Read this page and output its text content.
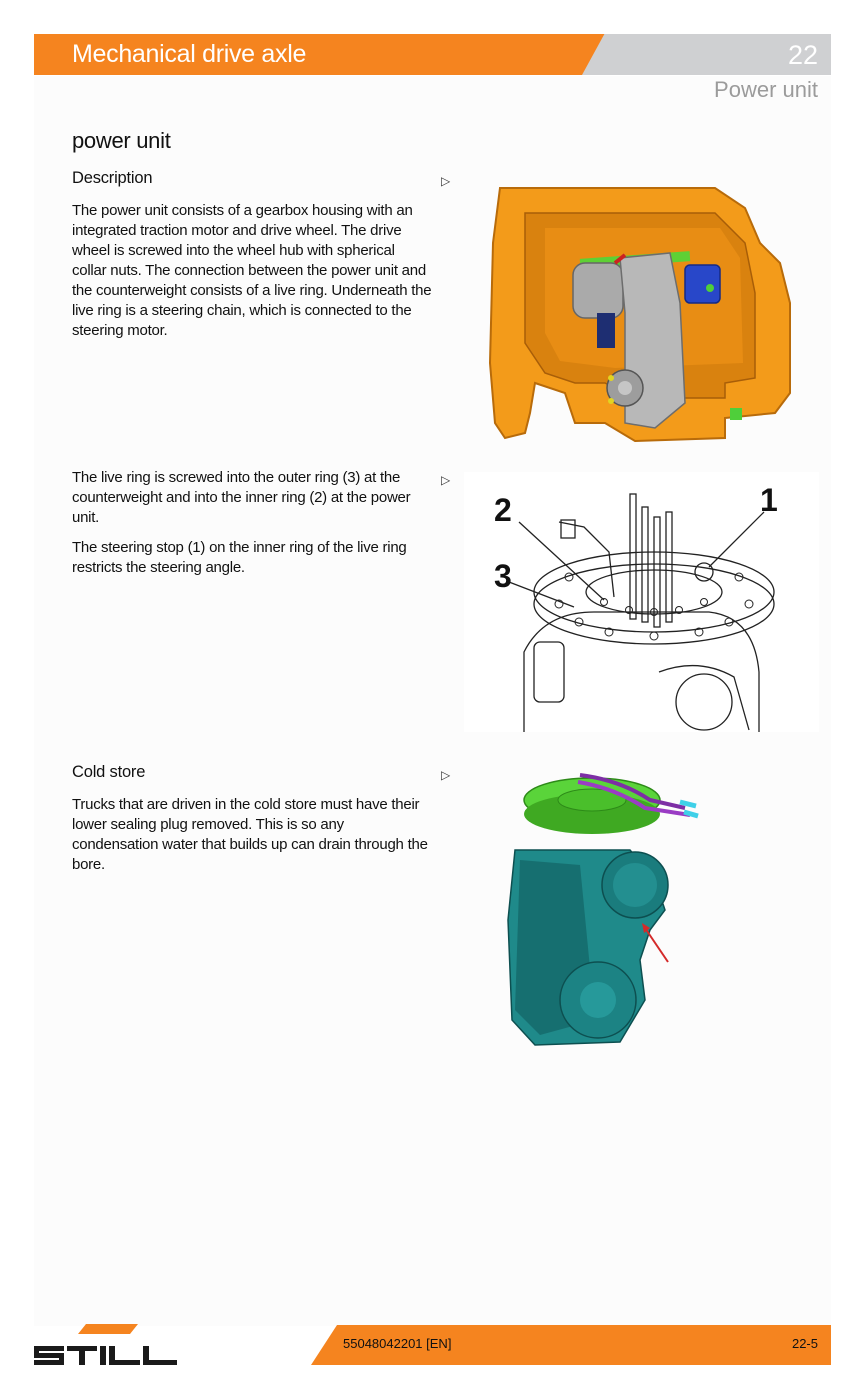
Mechanical drive axle	22
Power unit
power unit
Description	▷

The power unit consists of a gearbox housing with an integrated traction motor and drive wheel. The drive wheel is screwed into the wheel hub with spherical collar nuts. The connection between the power unit and the counterweight consists of a live ring. Underneath the live ring is a steering chain, which is connected to the steering motor.

▷

The live ring is screwed into the outer ring (3) at the counterweight and into the inner ring (2) at the power unit.

The steering stop (1) on the inner ring of the live ring restricts the steering angle.

2
3
1
Cold store	▷

Trucks that are driven in the cold store must have their lower sealing plug removed. This is so any condensation water that builds up can drain through the bore.

55048042201 [EN]	22-5
